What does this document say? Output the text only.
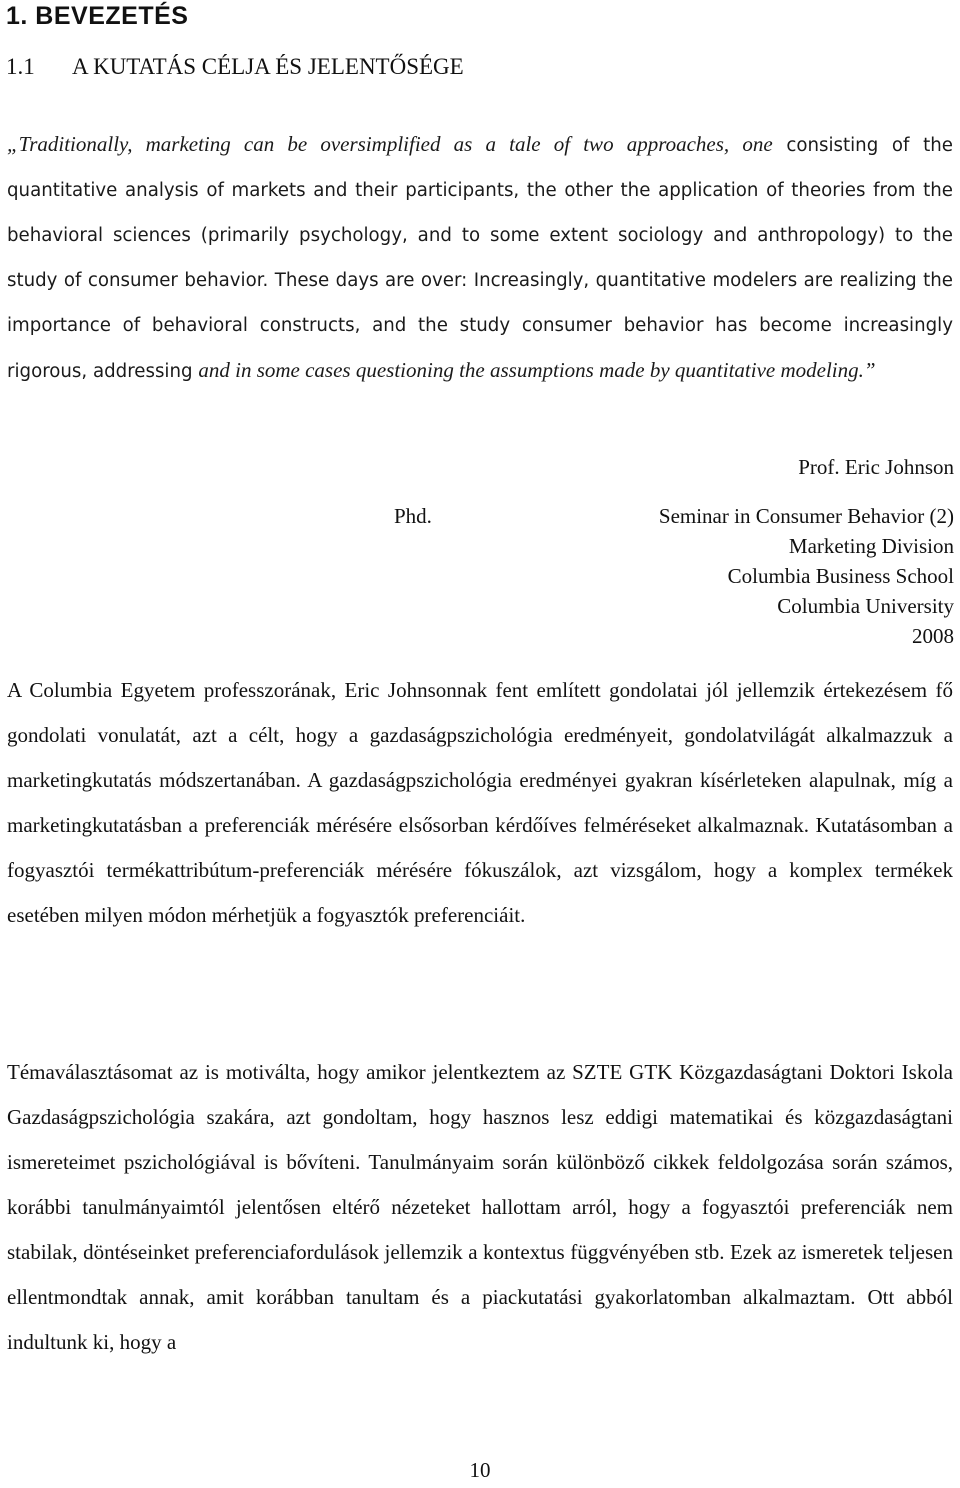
1. BEVEZETÉS
1.1 A KUTATÁS CÉLJA ÉS JELENTŐSÉGE

„Traditionally, marketing can be oversimplified as a tale of two approaches, one consisting of the quantitative analysis of markets and their participants, the other the application of theories from the behavioral sciences (primarily psychology, and to some extent sociology and anthropology) to the study of consumer behavior. These days are over: Increasingly, quantitative modelers are realizing the importance of behavioral constructs, and the study consumer behavior has become increasingly rigorous, addressing and in some cases questioning the assumptions made by quantitative modeling.”

Prof. Eric Johnson
Phd.	Seminar in Consumer Behavior (2)
Marketing Division
Columbia Business School
Columbia University
2008

A Columbia Egyetem professzorának, Eric Johnsonnak fent említett gondolatai jól jellemzik értekezésem fő gondolati vonulatát, azt a célt, hogy a gazdaságpszichológia eredményeit, gondolatvilágát alkalmazzuk a marketingkutatás módszertanában. A gazdaságpszichológia eredményei gyakran kísérleteken alapulnak, míg a marketingkutatásban a preferenciák mérésére elsősorban kérdőíves felméréseket alkalmaznak. Kutatásomban a fogyasztói termékattribútum-preferenciák mérésére fókuszálok, azt vizsgálom, hogy a komplex termékek esetében milyen módon mérhetjük a fogyasztók preferenciáit.

Témaválasztásomat az is motiválta, hogy amikor jelentkeztem az SZTE GTK Közgazdaságtani Doktori Iskola Gazdaságpszichológia szakára, azt gondoltam, hogy hasznos lesz eddigi matematikai és közgazdaságtani ismereteimet pszichológiával is bővíteni. Tanulmányaim során különböző cikkek feldolgozása során számos, korábbi tanulmányaimtól jelentősen eltérő nézeteket hallottam arról, hogy a fogyasztói preferenciák nem stabilak, döntéseinket preferenciafordulások jellemzik a kontextus függvényében stb. Ezek az ismeretek teljesen ellentmondtak annak, amit korábban tanultam és a piackutatási gyakorlatomban alkalmaztam. Ott abból indultunk ki, hogy a

10
